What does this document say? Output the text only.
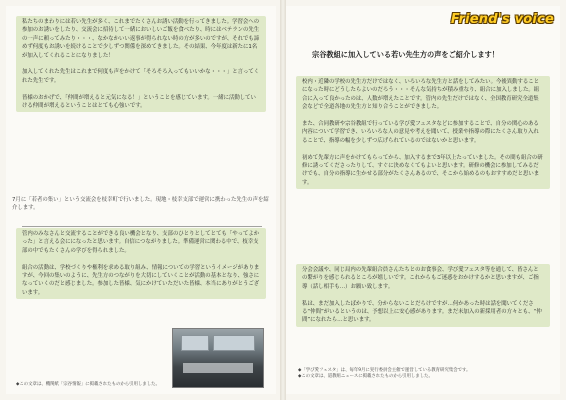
私たちのまわりには若い先生が多く、これまでたくさんお誘い活動を行ってきました。学習会への参加のお誘いをしたり、交流会に招待して一緒においしいご飯を食べたり、時にはベテランの先生の一声に頼ってみたり・・・、なかなかいい返事が得られない時の方が多いのですが、それでも諦めず何度もお誘いを続けることで少しずつ関係を深めてきました。その結果、今年度は新たに1名が加入してくれることになりました！

加入してくれた先生はこれまで何度も声をかけて「そろそろ入ってもいいかな・・・」と言ってくれた先生です。

皆様のおかげで、「仲間が増えると元気になる！」ということを感じています。一緒に活動していける仲間が増えるということはとても心強いです。
7月に「若者の集い」という交流会を枝幸町で行いました。現地・枝幸支部で運営に携わった先生の声を紹介します。
管内のみなさんと交流することができる良い機会となり、支部のひとりとしてとても「やってよかった」と言える会にになったと思います。自信につながりました。準備運営に関わる中で、枝幸支部の中でもたくさんの学びを得られました。

組合の活動は、学校づくりや権利を求める取り組み、情報についての学習というイメージがありますが、今回の集いのように、先生方のつながりを大切にしていくことが活動の基本となり、強さになっていくのだと感じました。参加した皆様、気にかけていただいた皆様、本当にありがとうございます。
◆この文章は、機関紙「宗谷情報」に掲載されたものから引用しました。
Friend's voice
宗谷教組に加入している若い先生方の声をご紹介します！
校内・近隣の学校の先生方だけではなく、いろいろな先生方と話をしてみたい。今後異動することになった時にどうしたらよいのだろう・・・そんな気持ちが積み重なり、組合に加入しました。組合に入って良かったのは、人数が増えたことです。管内の先生だけではなく、全国教育研究全道集会などで全道各地の先生方と知り合うことができました。

また、合同教研や宗谷教組で行っている学び愛フェスタなどに参加することで、自分の関心のある内容について学習でき、いろいろな人の意見や考えを聞いて、授業や指導の際にたくさん取り入れることで、指導の幅を少しずつ広げられているのではないかと思います。

初めて先輩方に声をかけてもらってから、加入するまで3年以上たっていました。その間も組合の研修に誘ってくださったりして、すぐに決めなくてもよいと思います。研修の機会に参加してみるだけでも、自分の指導に生かせる部分がたくさんあるので、そこから始めるのもおすすめだと思います。
分会会議や、同じ局内の先輩組合員さんたちとのお食事会、学び愛フェスタ等を通して、皆さんとの繋がりを感じられるところが嬉しいです。これからもご迷惑をおかけするかと思いますが、ご指導（話し相手も…）お願い致します。

私は、まだ加入したばかりで、分からないことだらけですが…何かあった時は話を聞いてくださる“仲間”がいるというのは、予想以上に安心感があります。まだ未加入の新採用者の方々とも、“仲間”になれたら…と思います。
◆「学び愛フェスタ」は、毎年9月に実行委員会主催で運営している教育研究集会です。
◆この文章は、道教組ニュースに掲載されたものから引用しました。
